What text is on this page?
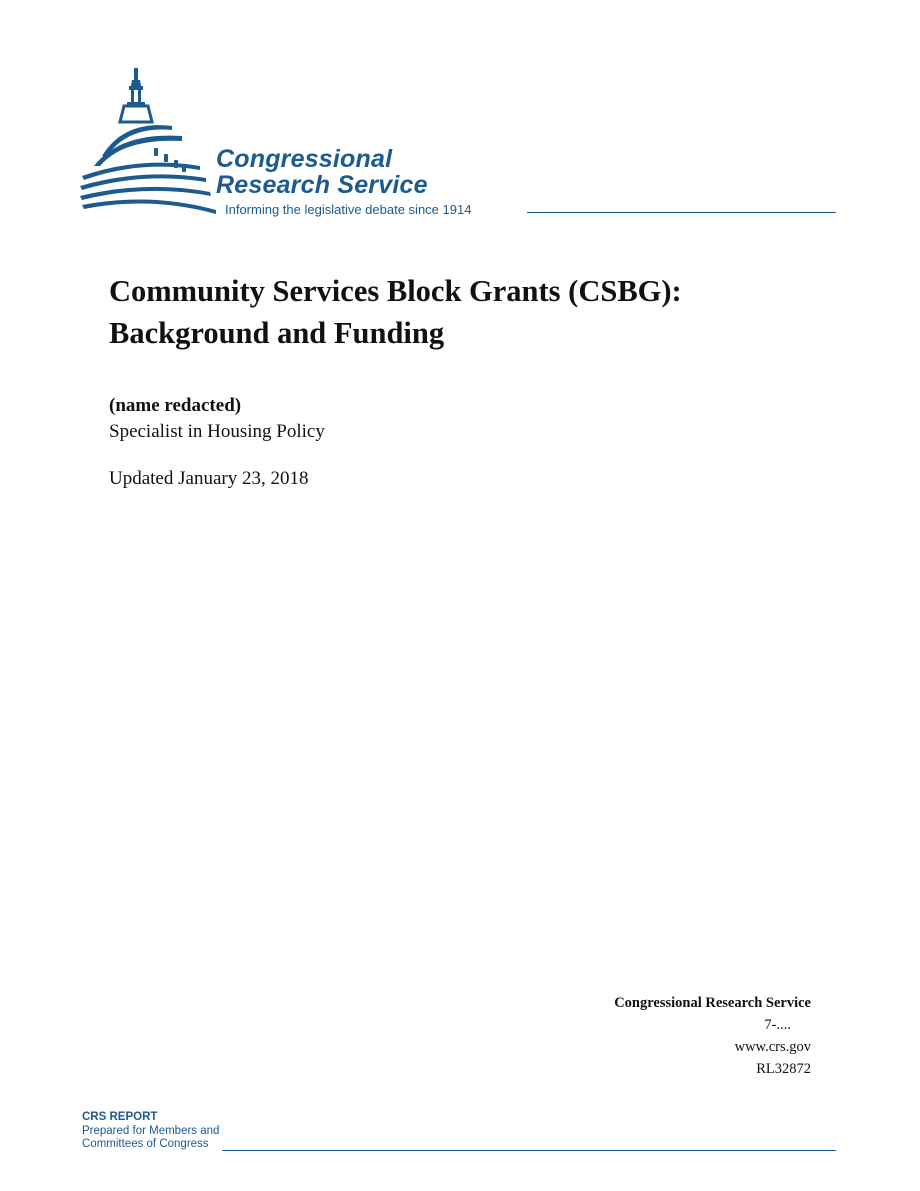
Congressional
Research Service
Informing the legislative debate since 1914
Community Services Block Grants (CSBG):
Background and Funding
(name redacted)
Specialist in Housing Policy
Updated January 23, 2018
Congressional Research Service
7-....
www.crs.gov
RL32872
CRS REPORT
Prepared for Members and
Committees of Congress
